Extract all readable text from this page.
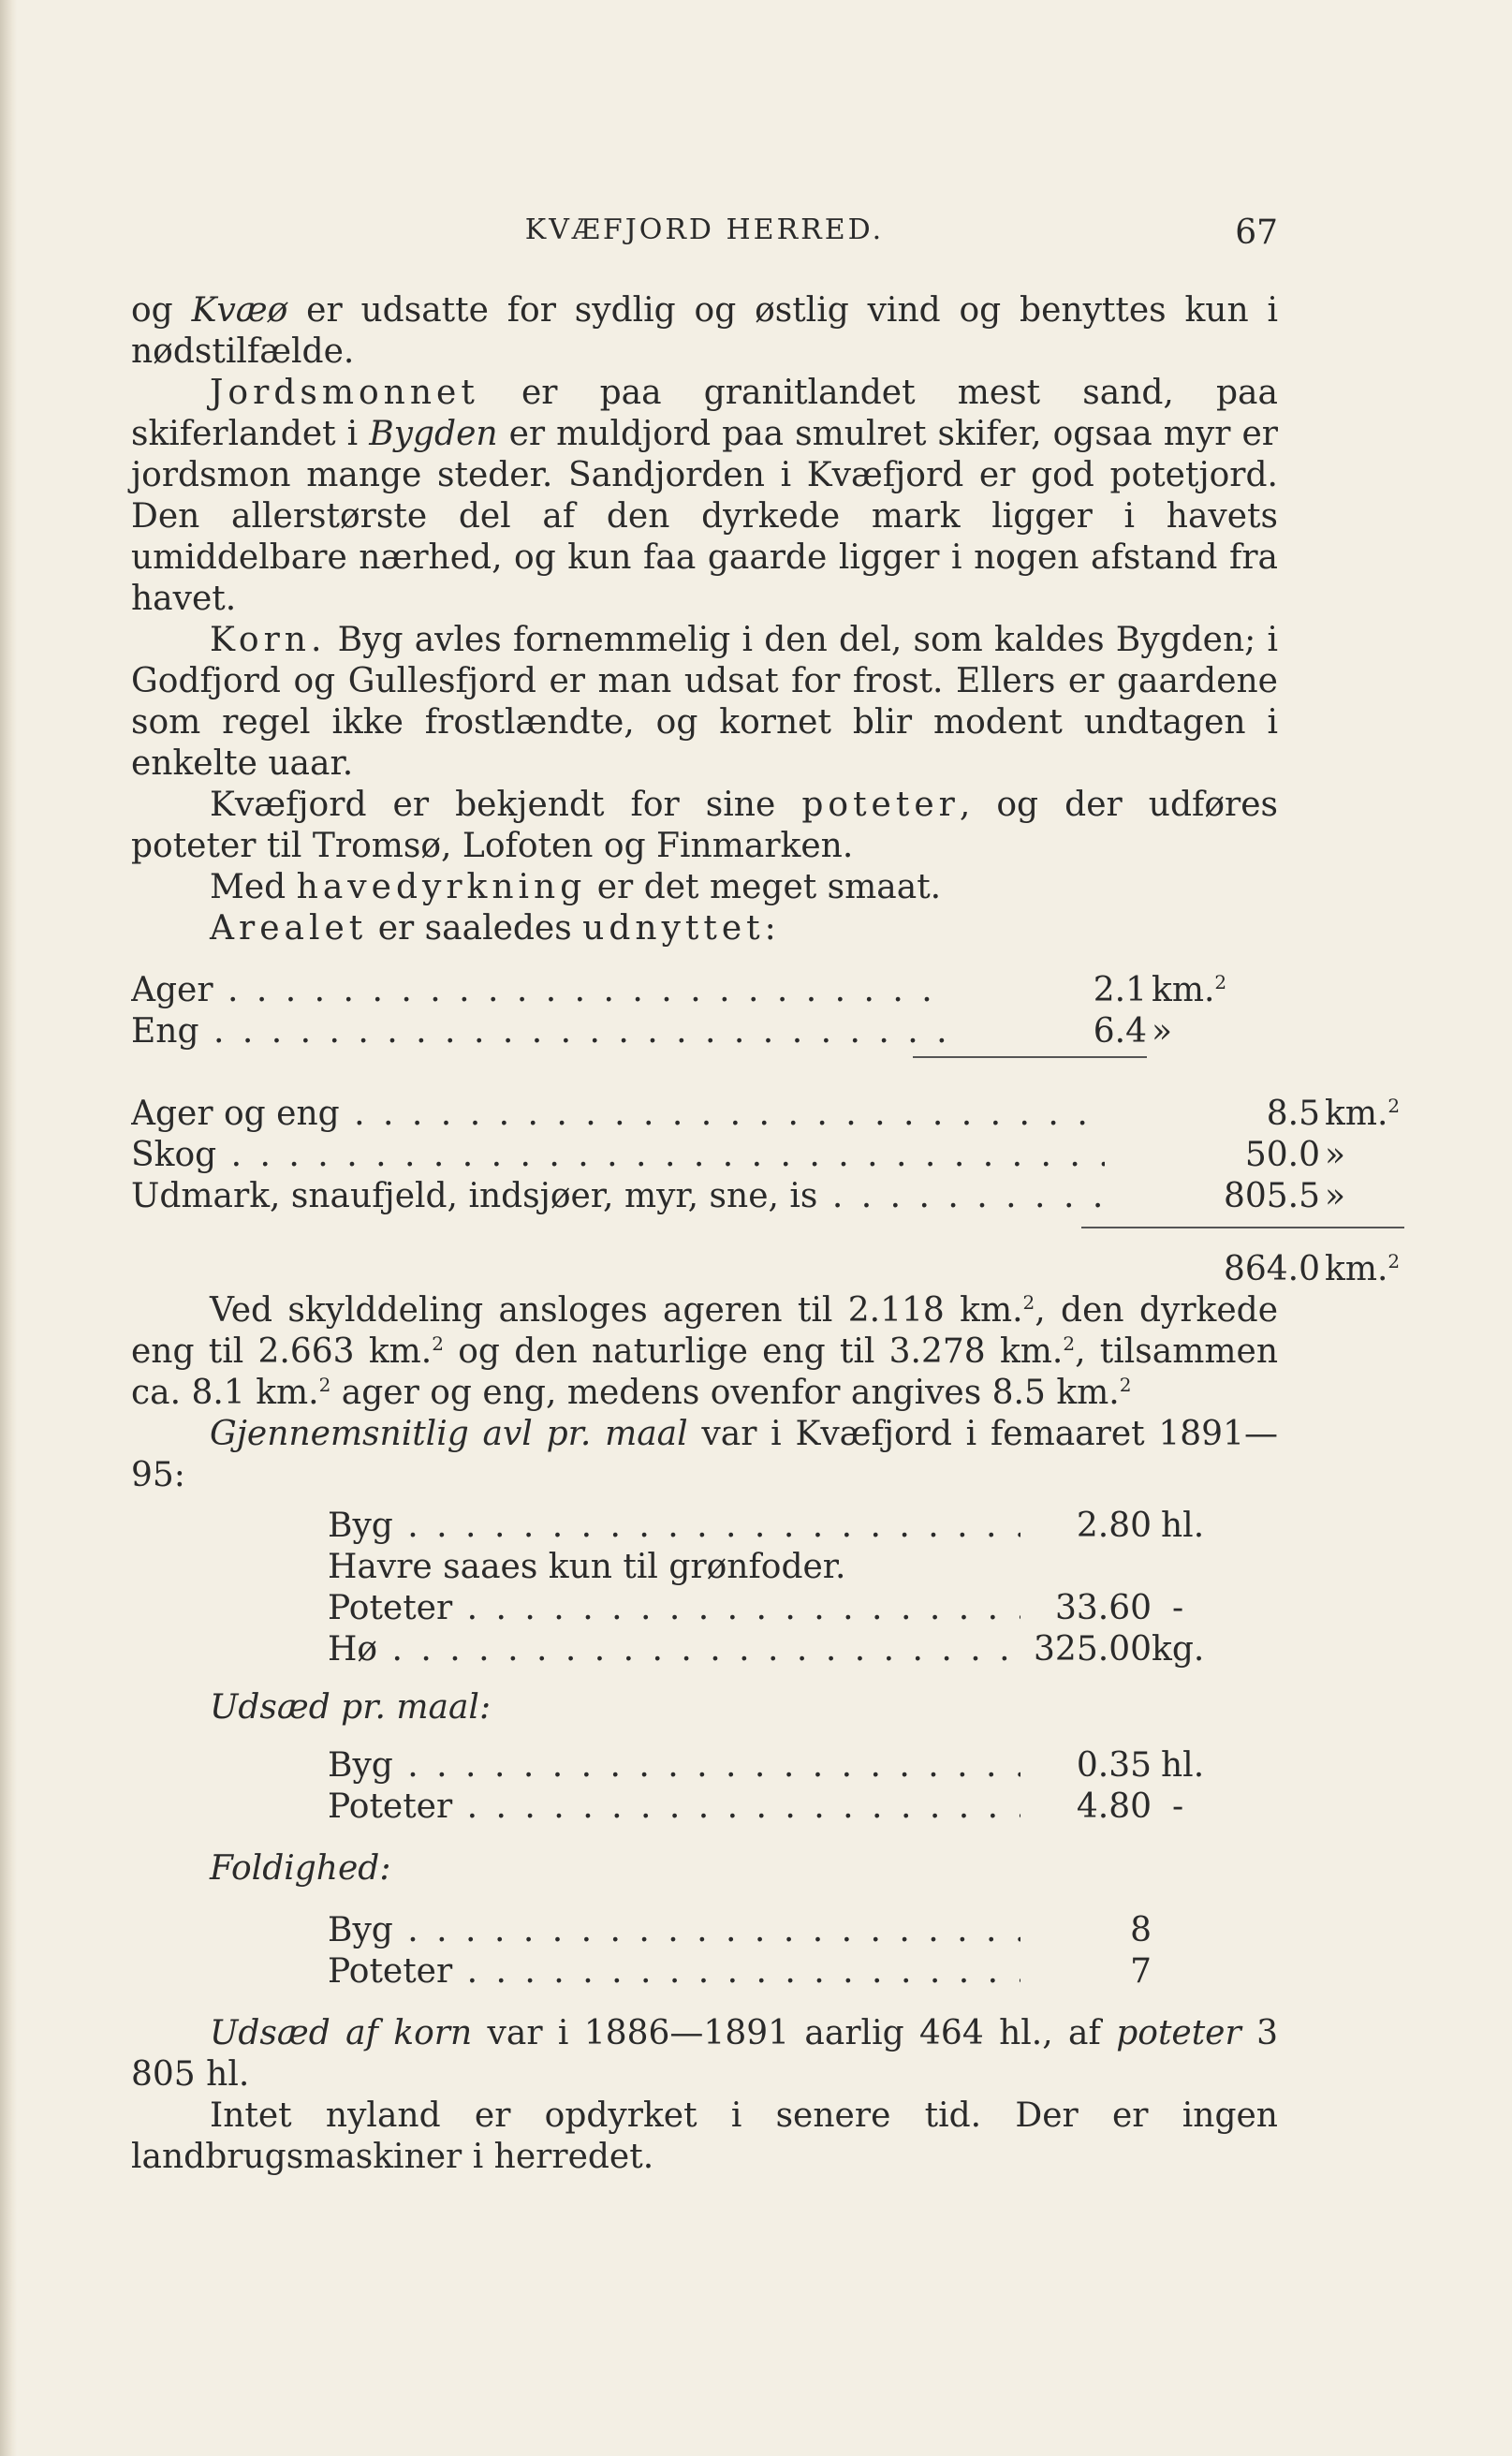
KVÆFJORD HERRED.	67

og Kvæø er udsatte for sydlig og østlig vind og benyttes kun i nødstilfælde.

Jordsmonnet er paa granitlandet mest sand, paa skiferlandet i Bygden er muldjord paa smulret skifer, ogsaa myr er jordsmon mange steder. Sandjorden i Kvæfjord er god potetjord. Den allerstørste del af den dyrkede mark ligger i havets umiddelbare nærhed, og kun faa gaarde ligger i nogen afstand fra havet.

Korn. Byg avles fornemmelig i den del, som kaldes Bygden; i Godfjord og Gullesfjord er man udsat for frost. Ellers er gaardene som regel ikke frostlændte, og kornet blir modent undtagen i enkelte uaar.

Kvæfjord er bekjendt for sine poteter, og der udføres poteter til Tromsø, Lofoten og Finmarken.

Med havedyrkning er det meget smaat.

Arealet er saaledes udnyttet:

Ager . . .	2.1 km.$^2$
Eng . . .	6.4 »
Ager og eng . . .	8.5 km.$^2$
Skog . . .	50.0 »
Udmark, snaufjeld, indsjøer, myr, sne, is . . .	805.5 »
864.0 km.$^2$

Ved skylddeling ansloges ageren til 2.118 km.$^2$, den dyrkede eng til 2.663 km.$^2$ og den naturlige eng til 3.278 km.$^2$, tilsammen ca. 8.1 km.$^2$ ager og eng, medens ovenfor angives 8.5 km.$^2$

Gjennemsnitlig avl pr. maal var i Kvæfjord i femaaret 1891—95:

Byg . . .	2.80 hl.
Havre saaes kun til grønfoder.
Poteter . . .	33.60 -
Hø . . .	325.00 kg.
Udsæd pr. maal:
Byg . . .	0.35 hl.
Poteter . . .	4.80 -
Foldighed:
Byg . . .	8
Poteter . . .	7

Udsæd af korn var i 1886—1891 aarlig 464 hl., af poteter 3 805 hl.

Intet nyland er opdyrket i senere tid. Der er ingen landbrugsmaskiner i herredet.
